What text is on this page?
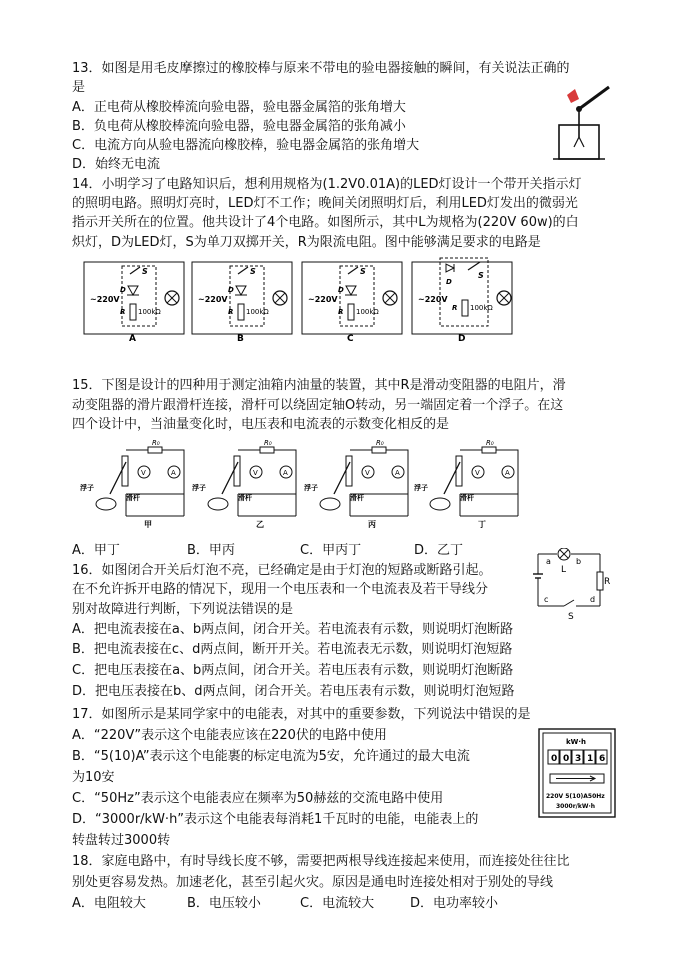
13．如图是用毛皮摩擦过的橡胶棒与原来不带电的验电器接触的瞬间，有关说法正确的
是
A．正电荷从橡胶棒流向验电器，验电器金属箔的张角增大
B．负电荷从橡胶棒流向验电器，验电器金属箔的张角减小
C．电流方向从验电器流向橡胶棒，验电器金属箔的张角增大
D．始终无电流
14．小明学习了电路知识后，想利用规格为(1.2V0.01A)的LED灯设计一个带开关指示灯
的照明电路。照明灯亮时，LED灯不工作；晚间关闭照明灯后，利用LED灯发出的微弱光
指示开关所在的位置。他共设计了4个电路。如图所示，其中L为规格为(220V 60w)的白
炽灯，D为LED灯，S为单刀双掷开关，R为限流电阻。图中能够满足要求的电路是
~220V
S
D
R 100kΩ
A
~220V
S
D
R 100kΩ
B
~220V
S
D
R 100kΩ
C
~220V
D
S
R 100kΩ
D
15．下图是设计的四种用于测定油箱内油量的装置，其中R是滑动变阻器的电阻片，滑
动变阻器的滑片跟滑杆连接，滑杆可以绕固定轴O转动，另一端固定着一个浮子。在这
四个设计中，当油量变化时，电压表和电流表的示数变化相反的是
R₀
V	A
浮子
滑杆
甲
R₀
V	A
浮子
滑杆
乙
R₀
V	A
浮子
滑杆
丙
R₀
V	A
浮子
滑杆
丁
A．甲丁	B．甲丙	C．甲丙丁	D．乙丁
16．如图闭合开关后灯泡不亮，已经确定是由于灯泡的短路或断路引起。
在不允许拆开电路的情况下，现用一个电压表和一个电流表及若干导线分
别对故障进行判断，下列说法错误的是
A．把电流表接在a、b两点间，闭合开关。若电流表有示数，则说明灯泡断路
B．把电流表接在c、d两点间，断开开关。若电流表无示数，则说明灯泡短路
C．把电压表接在a、b两点间，闭合开关。若电压表有示数，则说明灯泡断路
D．把电压表接在b、d两点间，闭合开关。若电压表有示数，则说明灯泡短路
L
a	b
R
c	d
S
17．如图所示是某同学家中的电能表，对其中的重要参数，下列说法中错误的是
A．“220V”表示这个电能表应该在220伏的电路中使用
B．“5(10)A”表示这个电能裹的标定电流为5安，允许通过的最大电流
为10安
C．“50Hz”表示这个电能表应在频率为50赫兹的交流电路中使用
D．“3000r/kW·h”表示这个电能表每消耗1千瓦时的电能，电能表上的
转盘转过3000转
kW·h
0 0 3 1 6
220V 5(10)A50Hz
3000r/kW·h
18．家庭电路中，有时导线长度不够，需要把两根导线连接起来使用，而连接处往往比
别处更容易发热。加速老化，甚至引起火灾。原因是通电时连接处相对于别处的导线
A．电阻较大	B．电压较小	C．电流较大	D．电功率较小
